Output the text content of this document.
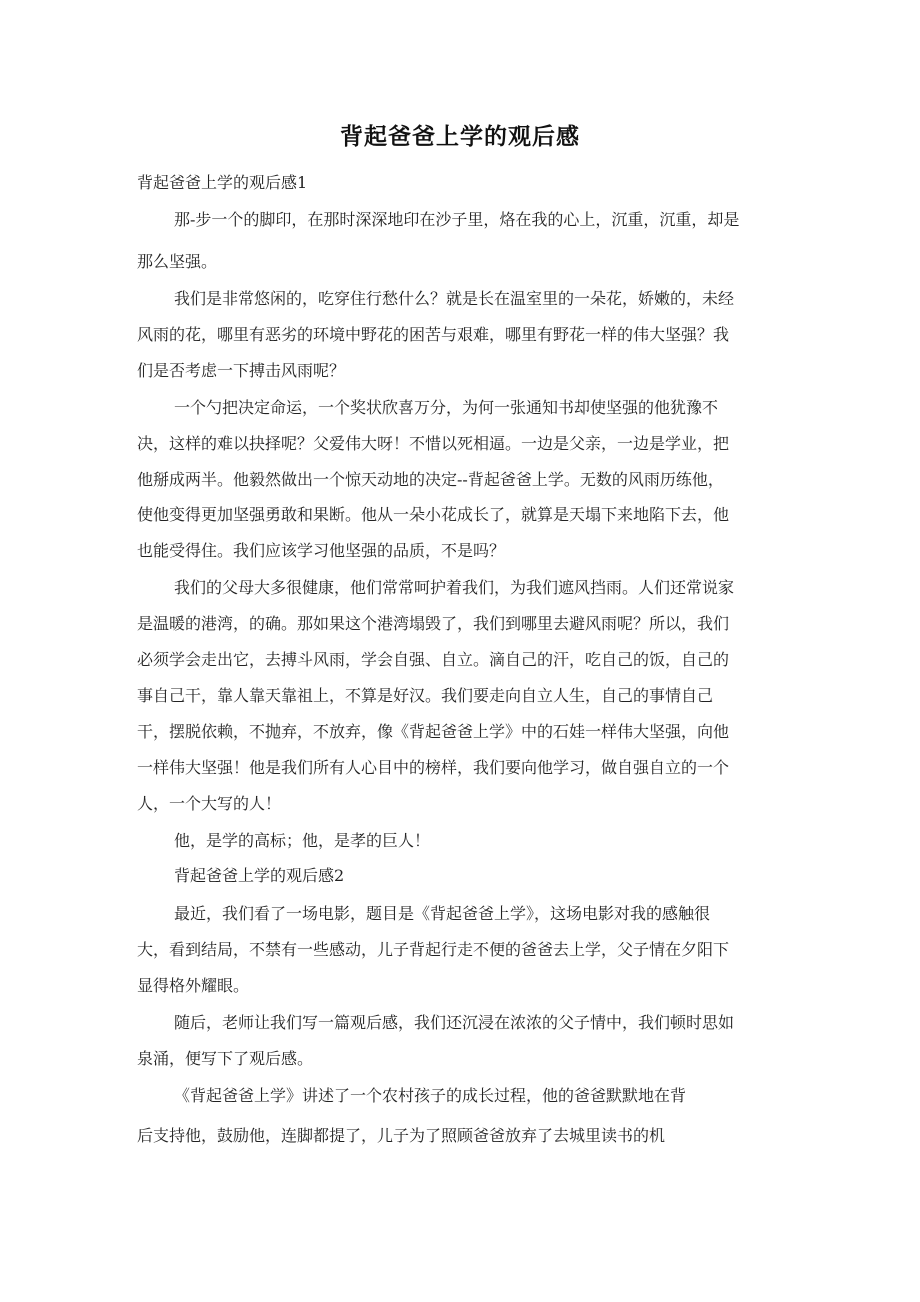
背起爸爸上学的观后感
背起爸爸上学的观后感1
那-步一个的脚印，在那时深深地印在沙子里，烙在我的心上，沉重，沉重，却是
那么坚强。
我们是非常悠闲的，吃穿住行愁什么？就是长在温室里的一朵花，娇嫩的，未经
风雨的花，哪里有恶劣的环境中野花的困苦与艰难，哪里有野花一样的伟大坚强？我
们是否考虑一下搏击风雨呢？
一个勺把决定命运，一个奖状欣喜万分，为何一张通知书却使坚强的他犹豫不
决，这样的难以抉择呢？父爱伟大呀！不惜以死相逼。一边是父亲，一边是学业，把
他掰成两半。他毅然做出一个惊天动地的决定--背起爸爸上学。无数的风雨历练他，
使他变得更加坚强勇敢和果断。他从一朵小花成长了，就算是天塌下来地陷下去，他
也能受得住。我们应该学习他坚强的品质，不是吗？
我们的父母大多很健康，他们常常呵护着我们，为我们遮风挡雨。人们还常说家
是温暖的港湾，的确。那如果这个港湾塌毁了，我们到哪里去避风雨呢？所以，我们
必须学会走出它，去搏斗风雨，学会自强、自立。滴自己的汗，吃自己的饭，自己的
事自己干，靠人靠天靠祖上，不算是好汉。我们要走向自立人生，自己的事情自己
干，摆脱依赖，不抛弃，不放弃，像《背起爸爸上学》中的石娃一样伟大坚强，向他
一样伟大坚强！他是我们所有人心目中的榜样，我们要向他学习，做自强自立的一个
人，一个大写的人！
他，是学的高标；他，是孝的巨人！
背起爸爸上学的观后感2
最近，我们看了一场电影，题目是《背起爸爸上学》，这场电影对我的感触很
大，看到结局，不禁有一些感动，儿子背起行走不便的爸爸去上学，父子情在夕阳下
显得格外耀眼。
随后，老师让我们写一篇观后感，我们还沉浸在浓浓的父子情中，我们顿时思如
泉涌，便写下了观后感。
《背起爸爸上学》讲述了一个农村孩子的成长过程，他的爸爸默默地在背
后支持他，鼓励他，连脚都提了，儿子为了照顾爸爸放弃了去城里读书的机
